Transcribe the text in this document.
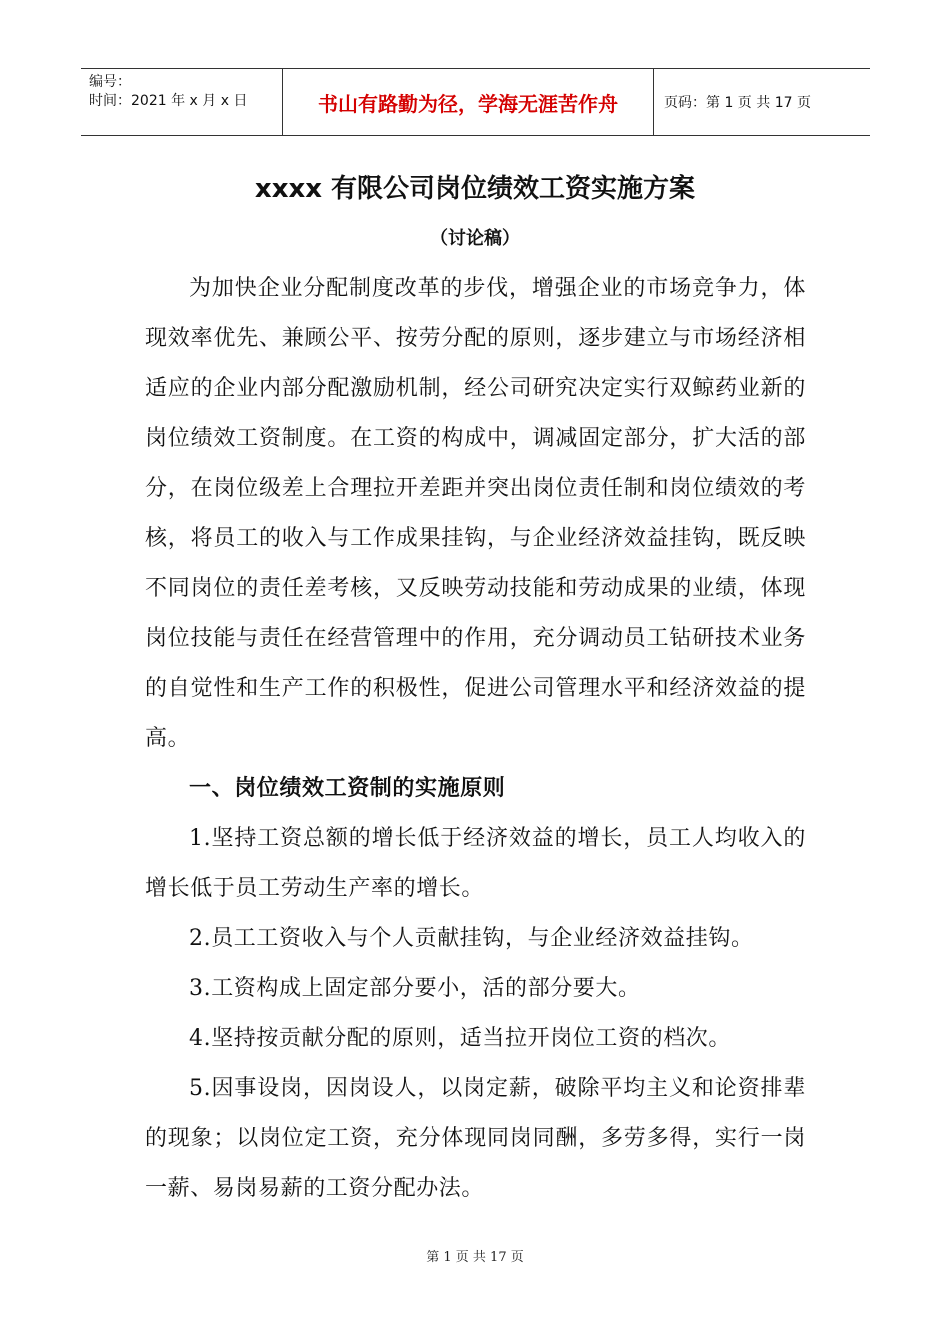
编号：
时间：2021 年 x 月 x 日	书山有路勤为径，学海无涯苦作舟	页码：第 1 页 共 17 页
xxxx 有限公司岗位绩效工资实施方案
（讨论稿）

为加快企业分配制度改革的步伐，增强企业的市场竞争力，体现效率优先、兼顾公平、按劳分配的原则，逐步建立与市场经济相适应的企业内部分配激励机制，经公司研究决定实行双鲸药业新的岗位绩效工资制度。在工资的构成中，调减固定部分，扩大活的部分，在岗位级差上合理拉开差距并突出岗位责任制和岗位绩效的考核，将员工的收入与工作成果挂钩，与企业经济效益挂钩，既反映不同岗位的责任差考核，又反映劳动技能和劳动成果的业绩，体现岗位技能与责任在经营管理中的作用，充分调动员工钻研技术业务的自觉性和生产工作的积极性，促进公司管理水平和经济效益的提高。

一、岗位绩效工资制的实施原则

1.坚持工资总额的增长低于经济效益的增长，员工人均收入的增长低于员工劳动生产率的增长。

2.员工工资收入与个人贡献挂钩，与企业经济效益挂钩。

3.工资构成上固定部分要小，活的部分要大。

4.坚持按贡献分配的原则，适当拉开岗位工资的档次。

5.因事设岗，因岗设人，以岗定薪，破除平均主义和论资排辈的现象；以岗位定工资，充分体现同岗同酬，多劳多得，实行一岗一薪、易岗易薪的工资分配办法。

第 1 页 共 17 页
